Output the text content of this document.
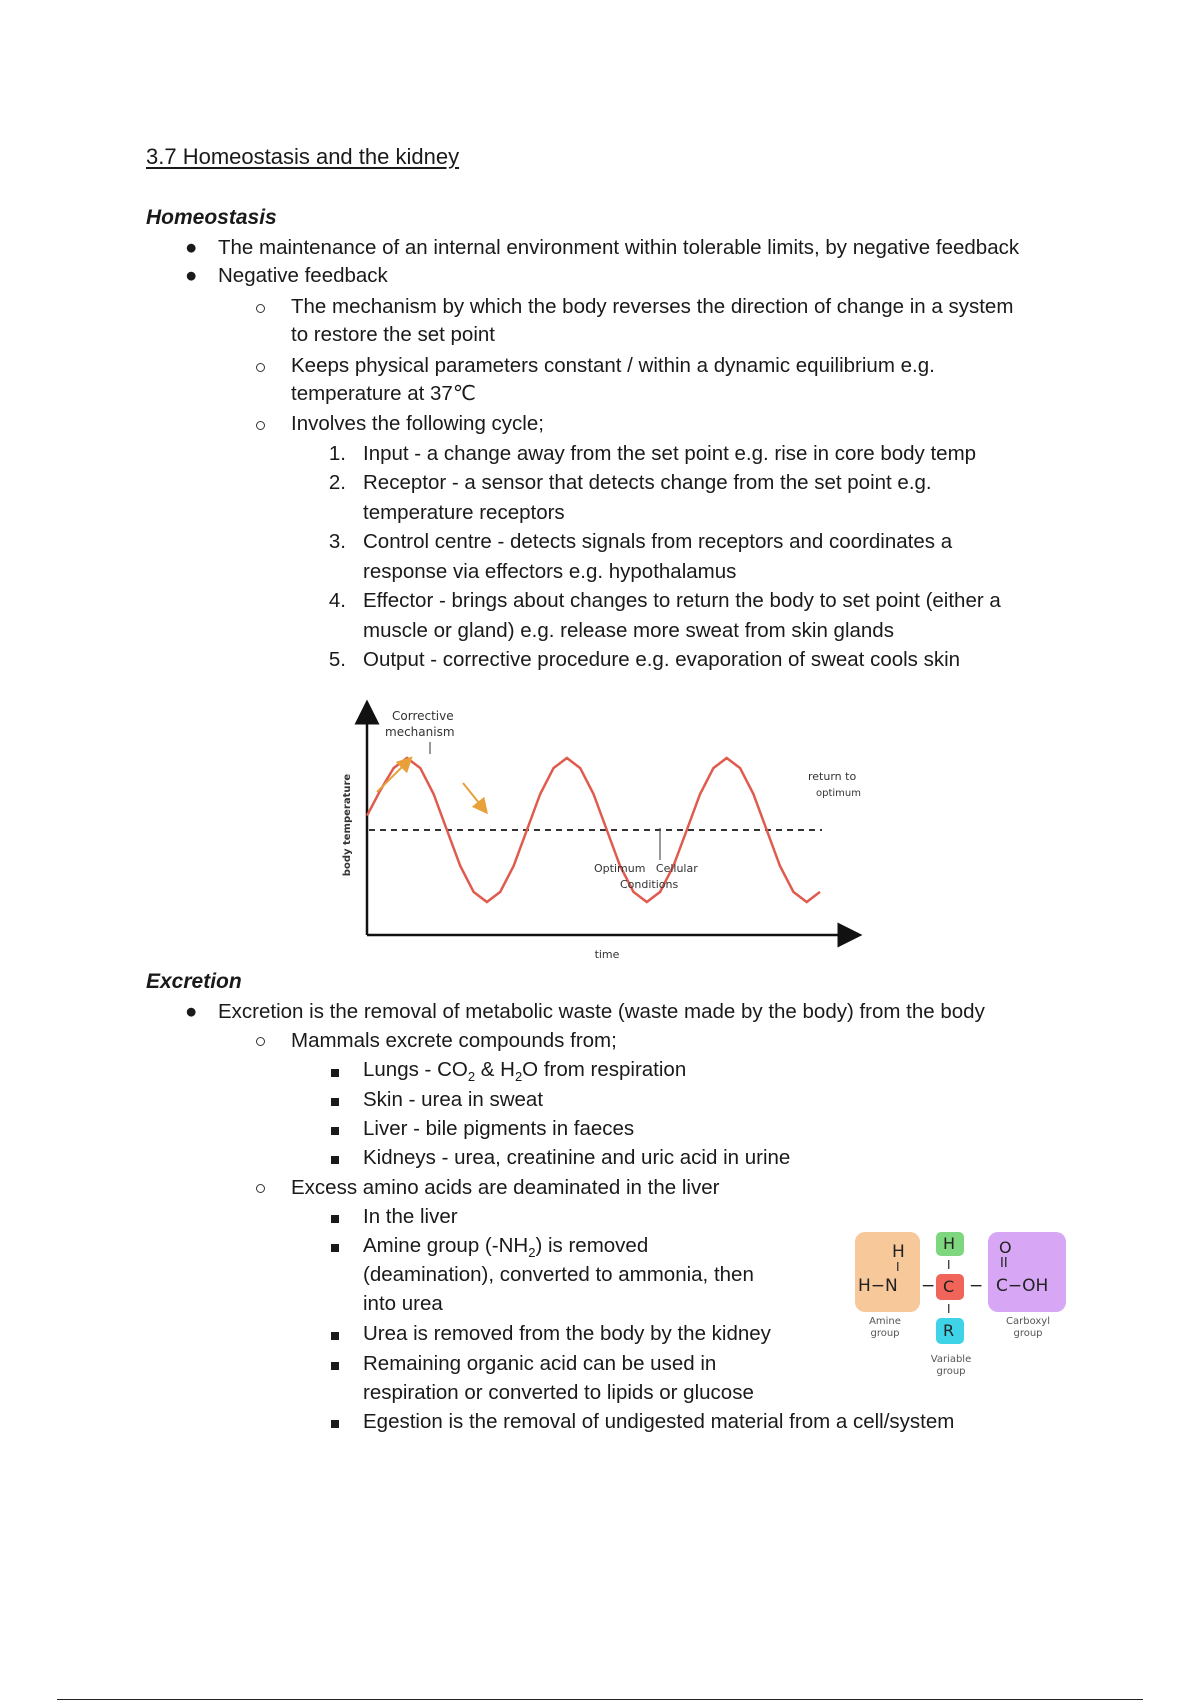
3.7 Homeostasis and the kidney
Homeostasis
● The maintenance of an internal environment within tolerable limits, by negative feedback
● Negative feedback
The mechanism by which the body reverses the direction of change in a system
to restore the set point
Keeps physical parameters constant / within a dynamic equilibrium e.g.
temperature at 37℃
Involves the following cycle;
1. Input - a change away from the set point e.g. rise in core body temp
2. Receptor - a sensor that detects change from the set point e.g.
temperature receptors
3. Control centre - detects signals from receptors and coordinates a
response via effectors e.g. hypothalamus
4. Effector - brings about changes to return the body to set point (either a
muscle or gland) e.g. release more sweat from skin glands
5. Output - corrective procedure e.g. evaporation of sweat cools skin
body temperature
time
Corrective
mechanism
return to
optimum
Optimum   Cellular
Conditions
Excretion
● Excretion is the removal of metabolic waste (waste made by the body) from the body
Mammals excrete compounds from;
Lungs - $CO_2$ & $H_2O$ from respiration
Skin - urea in sweat
Liver - bile pigments in faeces
Kidneys - urea, creatinine and uric acid in urine
Excess amino acids are deaminated in the liver
In the liver
Amine group $(-NH_2)$ is removed
(deamination), converted to ammonia, then
into urea
Urea is removed from the body by the kidney
Remaining organic acid can be used in
respiration or converted to lipids or glucose
Egestion is the removal of undigested material from a cell/system
H
I
H−N −
H
I
C
I
R
−
O
II
C−OH
Amine
group
Variable
group
Carboxyl
group
